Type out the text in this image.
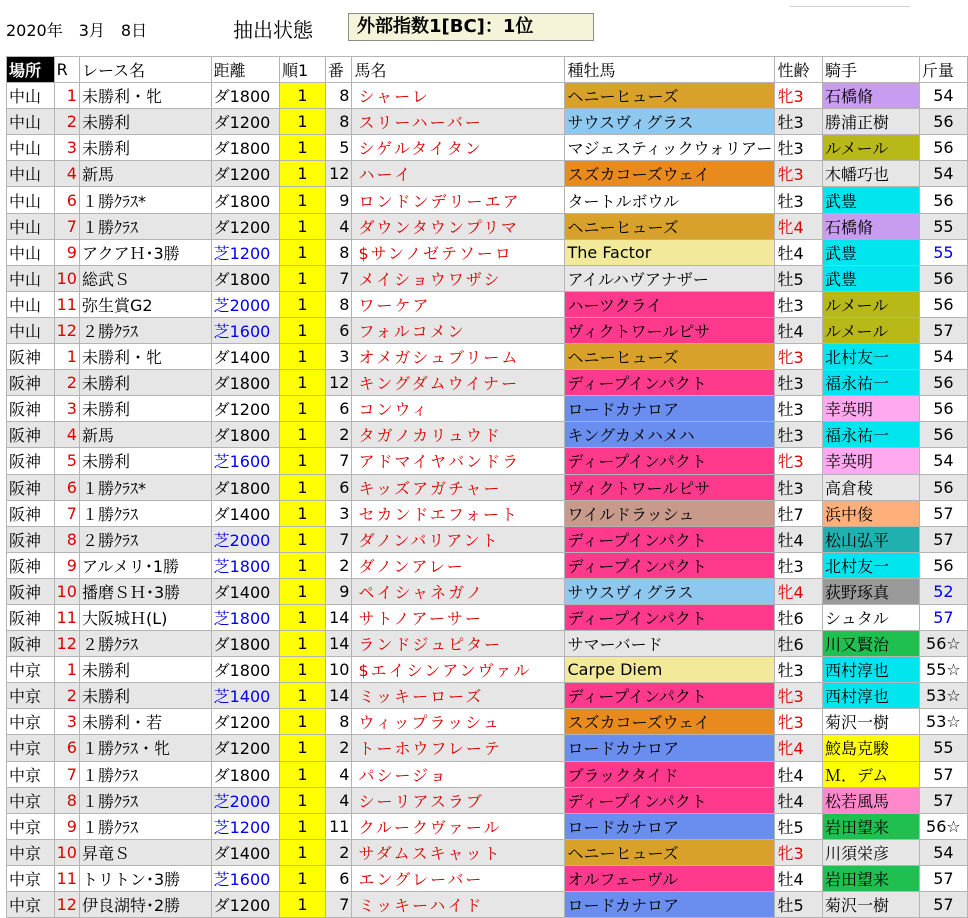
2020年　3月　8日	抽出状態	外部指数1[BC]：1位
場所	R	レース名	距離	順1	番	馬名	種牡馬	性齢	騎手	斤量
中山	1	未勝利・牝	ダ1800	1	8	シャーレ	ヘニーヒューズ	牝3	石橋脩	54
中山	2	未勝利	ダ1200	1	8	スリーハーバー	サウスヴィグラス	牡3	勝浦正樹	56
中山	3	未勝利	ダ1800	1	5	シゲルタイタン	マジェスティックウォリアー	牡3	ルメール	56
中山	4	新馬	ダ1200	1	12	ハーイ	スズカコーズウェイ	牝3	木幡巧也	54
中山	6	１勝ｸﾗｽ*	ダ1800	1	9	ロンドンデリーエア	タートルボウル	牡3	武豊	56
中山	7	１勝ｸﾗｽ	ダ1200	1	4	ダウンタウンプリマ	ヘニーヒューズ	牝4	石橋脩	55
中山	9	アクアＨ･3勝	芝1200	1	8	$サンノゼテソーロ	The Factor	牡4	武豊	55
中山	10	総武Ｓ	ダ1800	1	7	メイショウワザシ	アイルハヴアナザー	牡5	武豊	56
中山	11	弥生賞G2	芝2000	1	8	ワーケア	ハーツクライ	牡3	ルメール	56
中山	12	２勝ｸﾗｽ	芝1600	1	6	フォルコメン	ヴィクトワールピサ	牡4	ルメール	57
阪神	1	未勝利・牝	ダ1400	1	3	オメガシュブリーム	ヘニーヒューズ	牝3	北村友一	54
阪神	2	未勝利	ダ1800	1	12	キングダムウイナー	ディープインパクト	牡3	福永祐一	56
阪神	3	未勝利	ダ1200	1	6	コンウィ	ロードカナロア	牡3	幸英明	56
阪神	4	新馬	ダ1800	1	2	タガノカリュウド	キングカメハメハ	牡3	福永祐一	56
阪神	5	未勝利	芝1600	1	7	アドマイヤバンドラ	ディープインパクト	牝3	幸英明	54
阪神	6	１勝ｸﾗｽ*	ダ1800	1	6	キッズアガチャー	ヴィクトワールピサ	牡3	高倉稜	56
阪神	7	１勝ｸﾗｽ	ダ1400	1	3	セカンドエフォート	ワイルドラッシュ	牡7	浜中俊	57
阪神	8	２勝ｸﾗｽ	芝2000	1	7	ダノンバリアント	ディープインパクト	牡4	松山弘平	57
阪神	9	アルメリ･1勝	芝1800	1	2	ダノンアレー	ディープインパクト	牡3	北村友一	56
阪神	10	播磨ＳＨ･3勝	ダ1400	1	9	ペイシャネガノ	サウスヴィグラス	牝4	荻野琢真	52
阪神	11	大阪城Ｈ(L)	芝1800	1	14	サトノアーサー	ディープインパクト	牡6	シュタル	57
阪神	12	２勝ｸﾗｽ	ダ1800	1	14	ランドジュピター	サマーバード	牡6	川又賢治	56☆
中京	1	未勝利	ダ1800	1	10	$エイシンアンヴァル	Carpe Diem	牡3	西村淳也	55☆
中京	2	未勝利	芝1400	1	14	ミッキーローズ	ディープインパクト	牝3	西村淳也	53☆
中京	3	未勝利・若	ダ1200	1	8	ウィップラッシュ	スズカコーズウェイ	牝3	菊沢一樹	53☆
中京	6	１勝ｸﾗｽ・牝	ダ1200	1	2	トーホウフレーテ	ロードカナロア	牝4	鮫島克駿	55
中京	7	１勝ｸﾗｽ	ダ1800	1	4	パシージョ	ブラックタイド	牡4	Ｍ．デム	57
中京	8	１勝ｸﾗｽ	芝2000	1	4	シーリアスラブ	ディープインパクト	牡4	松若風馬	57
中京	9	１勝ｸﾗｽ	芝1200	1	11	クルークヴァール	ロードカナロア	牡5	岩田望来	56☆
中京	10	昇竜Ｓ	ダ1400	1	2	サダムスキャット	ヘニーヒューズ	牝3	川須栄彦	54
中京	11	トリトン･3勝	芝1600	1	6	エングレーバー	オルフェーヴル	牡4	岩田望来	57
中京	12	伊良湖特･2勝	ダ1200	1	7	ミッキーハイド	ロードカナロア	牡5	菊沢一樹	57
